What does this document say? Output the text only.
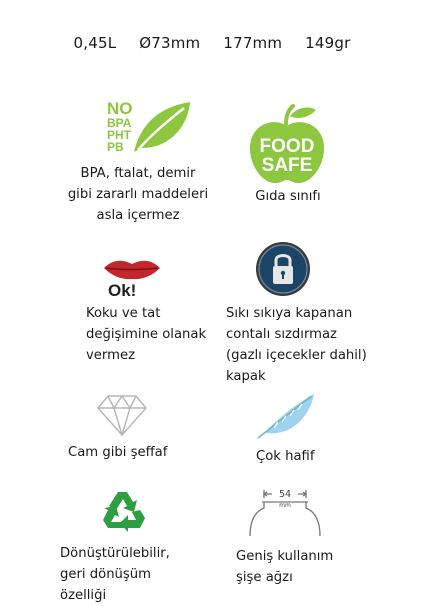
0,45L Ø73mm 177mm 149gr
NO
BPA
PHT
PB	FOOD
SAFE
BPA, ftalat, demir
gibi zararlı maddeleri
asla içermez
Gıda sınıfı
Ok!
Koku ve tat
değişimine olanak
vermez
Sıkı sıkıya kapanan
contalı sızdırmaz
(gazlı içecekler dahil)
kapak
Cam gibi şeffaf	Çok hafif
54
mm
Dönüştürülebilir,
geri dönüşüm
özelliği
Geniş kullanım
şişe ağzı
